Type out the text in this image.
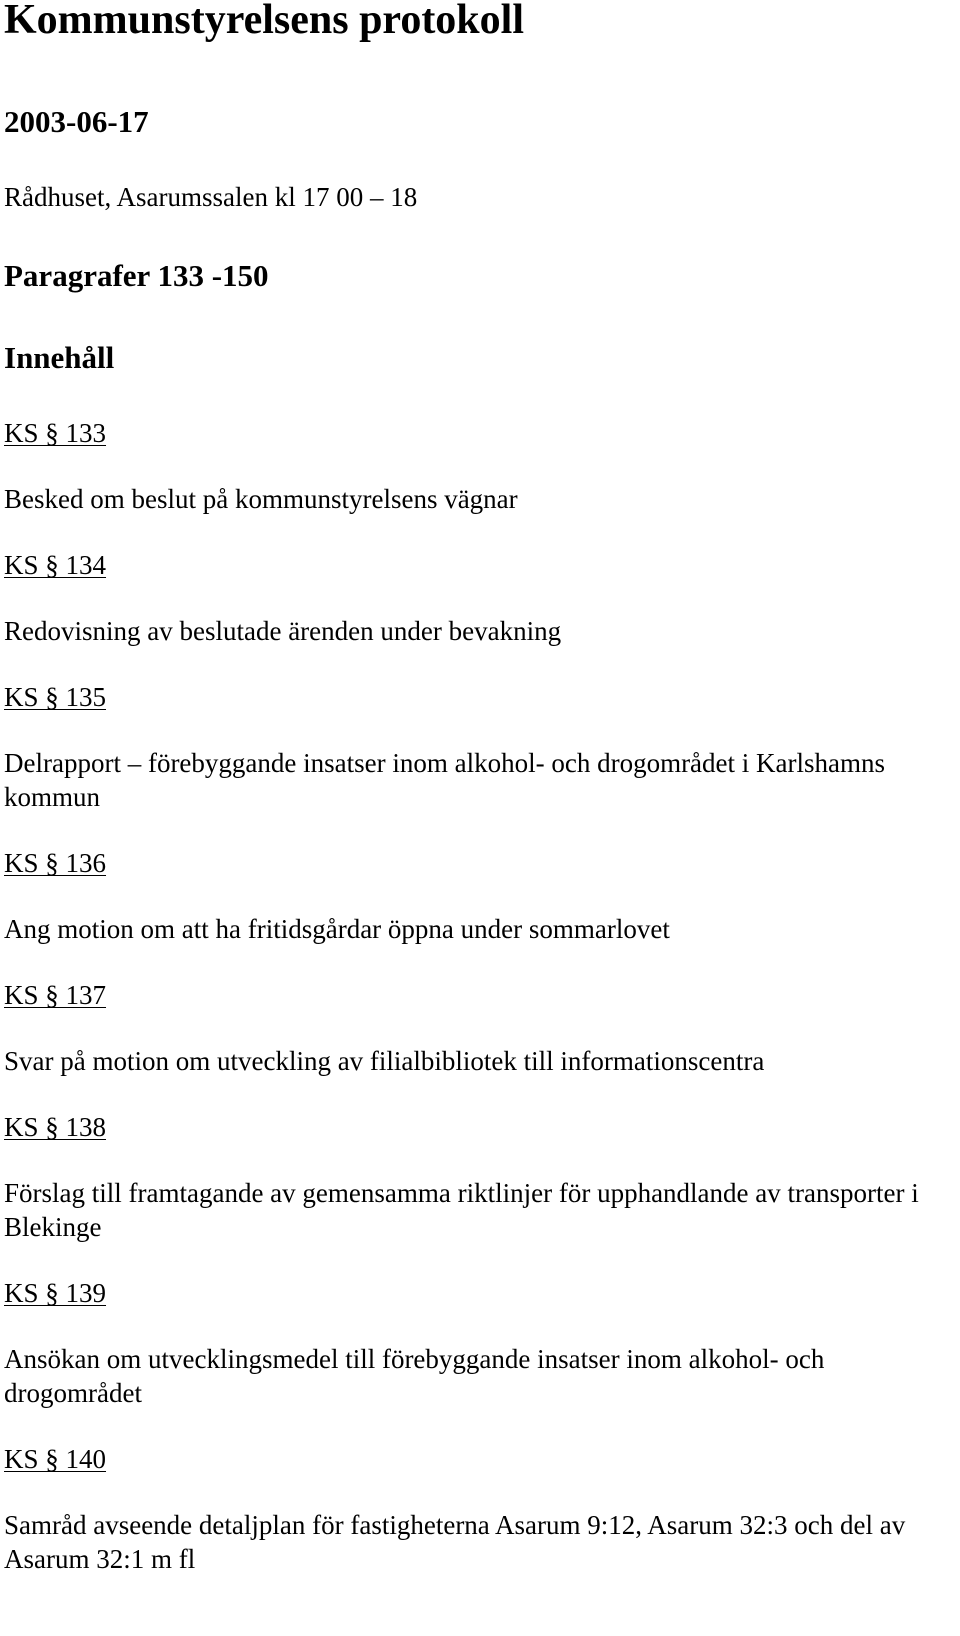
Kommunstyrelsens protokoll
2003-06-17

Rådhuset, Asarumssalen kl 17 00 – 18

Paragrafer 133 -150
Innehåll
KS § 133

Besked om beslut på kommunstyrelsens vägnar

KS § 134

Redovisning av beslutade ärenden under bevakning

KS § 135

Delrapport – förebyggande insatser inom alkohol- och drogområdet i Karlshamns kommun

KS § 136

Ang motion om att ha fritidsgårdar öppna under sommarlovet

KS § 137

Svar på motion om utveckling av filialbibliotek till informationscentra

KS § 138

Förslag till framtagande av gemensamma riktlinjer för upphandlande av transporter i Blekinge

KS § 139

Ansökan om utvecklingsmedel till förebyggande insatser inom alkohol- och drogområdet

KS § 140

Samråd avseende detaljplan för fastigheterna Asarum 9:12, Asarum 32:3 och del av Asarum 32:1 m fl
